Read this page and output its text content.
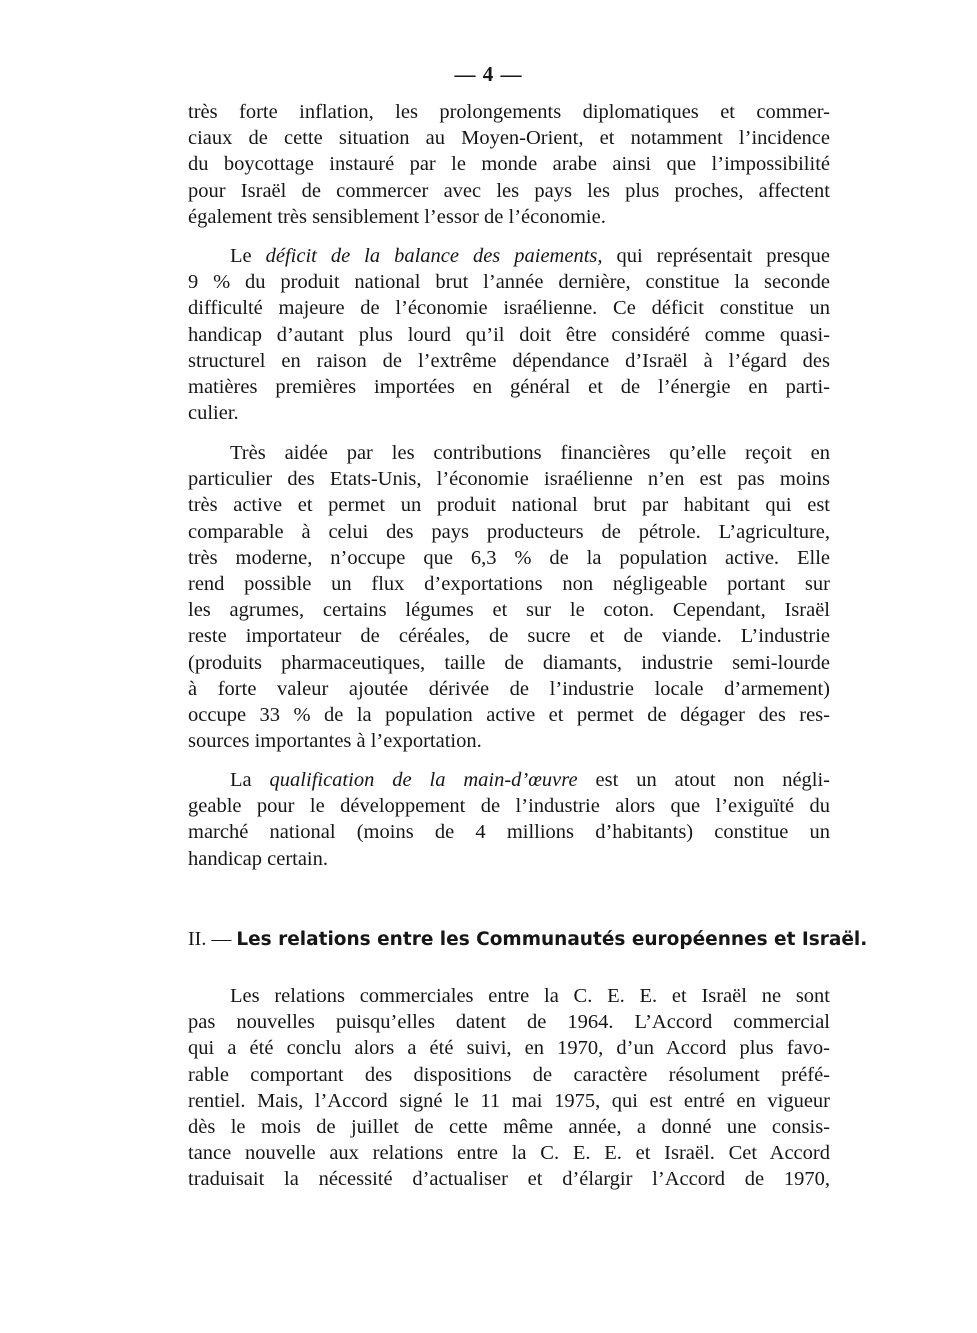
— 4 —
très forte inflation, les prolongements diplomatiques et commer-
ciaux de cette situation au Moyen-Orient, et notamment l’incidence
du boycottage instauré par le monde arabe ainsi que l’impossibilité
pour Israël de commercer avec les pays les plus proches, affectent
également très sensiblement l’essor de l’économie.
Le déficit de la balance des paiements, qui représentait presque
9 % du produit national brut l’année dernière, constitue la seconde
difficulté majeure de l’économie israélienne. Ce déficit constitue un
handicap d’autant plus lourd qu’il doit être considéré comme quasi-
structurel en raison de l’extrême dépendance d’Israël à l’égard des
matières premières importées en général et de l’énergie en parti-
culier.
Très aidée par les contributions financières qu’elle reçoit en
particulier des Etats-Unis, l’économie israélienne n’en est pas moins
très active et permet un produit national brut par habitant qui est
comparable à celui des pays producteurs de pétrole. L’agriculture,
très moderne, n’occupe que 6,3 % de la population active. Elle
rend possible un flux d’exportations non négligeable portant sur
les agrumes, certains légumes et sur le coton. Cependant, Israël
reste importateur de céréales, de sucre et de viande. L’industrie
(produits pharmaceutiques, taille de diamants, industrie semi-lourde
à forte valeur ajoutée dérivée de l’industrie locale d’armement)
occupe 33 % de la population active et permet de dégager des res-
sources importantes à l’exportation.
La qualification de la main-d’œuvre est un atout non négli-
geable pour le développement de l’industrie alors que l’exiguïté du
marché national (moins de 4 millions d’habitants) constitue un
handicap certain.
II. — Les relations entre les Communautés européennes et Israël.
Les relations commerciales entre la C. E. E. et Israël ne sont
pas nouvelles puisqu’elles datent de 1964. L’Accord commercial
qui a été conclu alors a été suivi, en 1970, d’un Accord plus favo-
rable comportant des dispositions de caractère résolument préfé-
rentiel. Mais, l’Accord signé le 11 mai 1975, qui est entré en vigueur
dès le mois de juillet de cette même année, a donné une consis-
tance nouvelle aux relations entre la C. E. E. et Israël. Cet Accord
traduisait la nécessité d’actualiser et d’élargir l’Accord de 1970,
